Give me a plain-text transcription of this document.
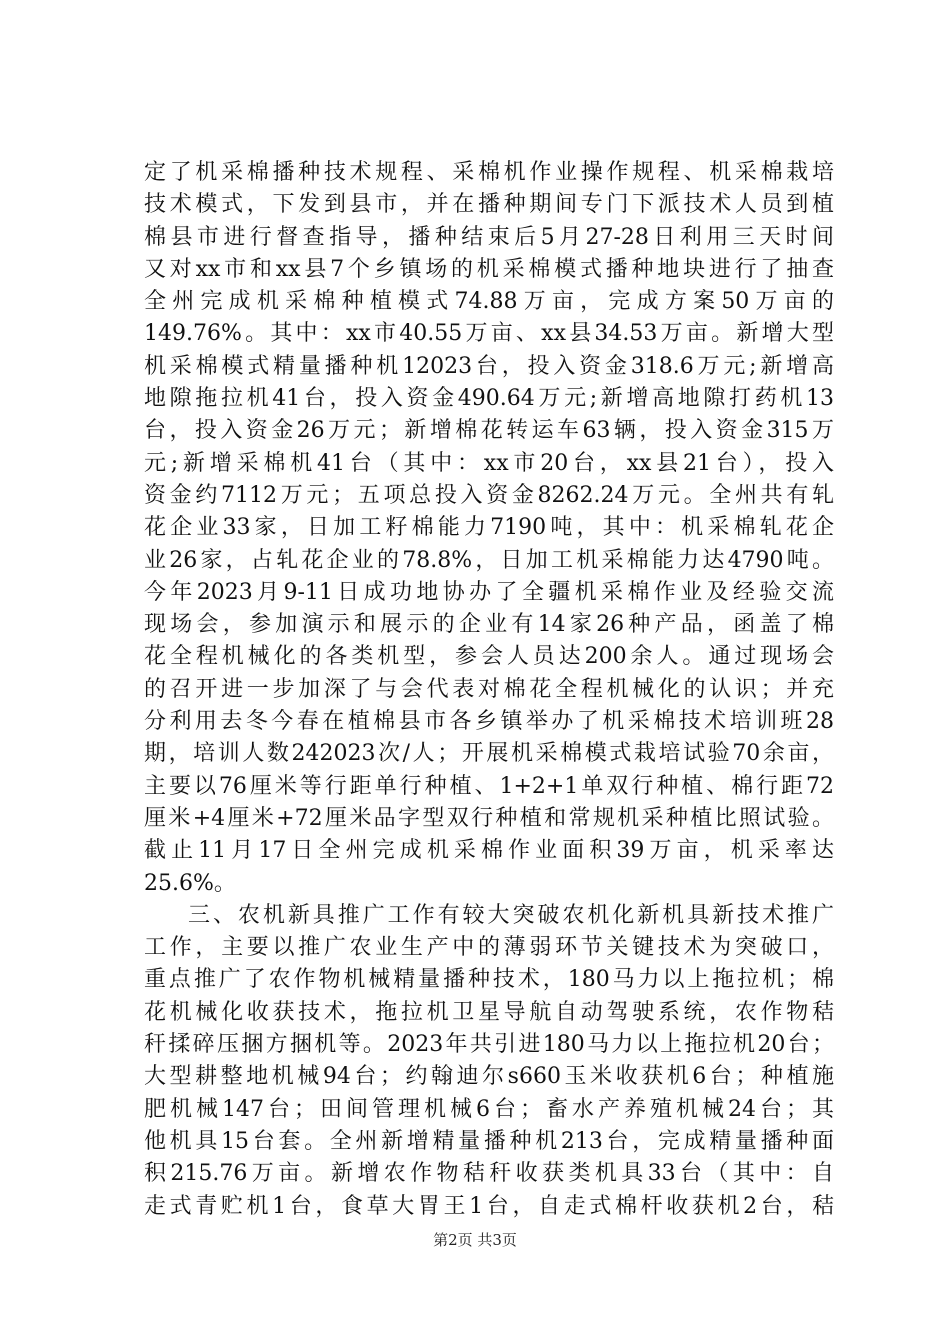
定了机采棉播种技术规程、采棉机作业操作规程、机采棉栽培
技术模式，下发到县市，并在播种期间专门下派技术人员到植
棉县市进行督查指导，播种结束后5月27-28日利用三天时间
又对xx市和xx县7个乡镇场的机采棉模式播种地块进行了抽查
全州完成机采棉种植模式74.88万亩，完成方案50万亩的
149.76%。其中：xx市40.55万亩、xx县34.53万亩。新增大型
机采棉模式精量播种机12023台，投入资金318.6万元;新增高
地隙拖拉机41台，投入资金490.64万元;新增高地隙打药机13
台，投入资金26万元；新增棉花转运车63辆，投入资金315万
元;新增采棉机41台（其中：xx市20台，xx县21台），投入
资金约7112万元；五项总投入资金8262.24万元。全州共有轧
花企业33家，日加工籽棉能力7190吨，其中：机采棉轧花企
业26家，占轧花企业的78.8%，日加工机采棉能力达4790吨。
今年2023月9-11日成功地协办了全疆机采棉作业及经验交流
现场会，参加演示和展示的企业有14家26种产品，函盖了棉
花全程机械化的各类机型，参会人员达200余人。通过现场会
的召开进一步加深了与会代表对棉花全程机械化的认识；并充
分利用去冬今春在植棉县市各乡镇举办了机采棉技术培训班28
期，培训人数242023次/人；开展机采棉模式栽培试验70余亩，
主要以76厘米等行距单行种植、1+2+1单双行种植、棉行距72
厘米+4厘米+72厘米品字型双行种植和常规机采种植比照试验。
截止11月17日全州完成机采棉作业面积39万亩，机采率达
25.6%。
三、农机新具推广工作有较大突破农机化新机具新技术推广
工作，主要以推广农业生产中的薄弱环节关键技术为突破口，
重点推广了农作物机械精量播种技术，180马力以上拖拉机；棉
花机械化收获技术，拖拉机卫星导航自动驾驶系统，农作物秸
秆揉碎压捆方捆机等。2023年共引进180马力以上拖拉机20台；
大型耕整地机械94台；约翰迪尔s660玉米收获机6台；种植施
肥机械147台；田间管理机械6台；畜水产养殖机械24台；其
他机具15台套。全州新增精量播种机213台，完成精量播种面
积215.76万亩。新增农作物秸秆收获类机具33台（其中：自
走式青贮机1台，食草大胃王1台，自走式棉杆收获机2台，秸
第2页 共3页
